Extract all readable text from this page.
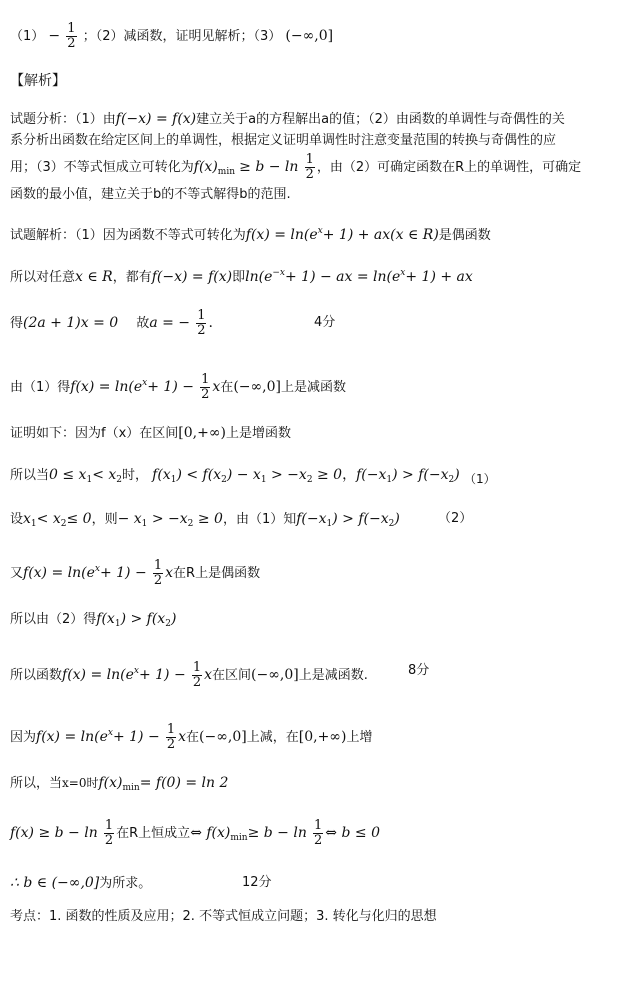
$(1) - \frac{1}{2}$ ；（2）减函数，证明见解析；（3） (−∞,0]
【解析】
试题分析：（1）由f(−x) = f(x)建立关于a的方程解出a的值；（2）由函数的单调性与奇偶性的关
系分析出函数在给定区间上的单调性，根据定义证明单调性时注意变量范围的转换与奇偶性的应
用；（3）不等式恒成立可转化为$f(x)_{min} \ge b - \ln \frac{1}{2}$ ，由（2）可确定函数在R上的单调性，可确定
函数的最小值，建立关于b的不等式解得b的范围.
试题解析：（1）因为函数不等式可转化为$f(x) = \ln(e^x+ 1) + ax(x$ ∈ R)是偶函数
所以对任意x ∈ R，都有f(−x) = f(x)即$\ln(e^{-x}+ 1)$ − ax = $\ln(e^x+ 1)$ + ax
得(2a + 1)x = 0 故a = − $\frac{1}{2}$ .	4分
由（1）得$f(x) = \ln(e^x+ 1) - \frac{1}{2}$ x在(−∞,0]上是减函数
证明如下：因为f（x）在区间[0,+∞)上是增函数
所以当$0 \le x_1< x_2$时， $f(x_1) < f(x_2) - x_1 > -x_2 \ge 0$，$f(-x_1) > f(-x_2)$ （1）
设$x_1< x_2\le 0$，则− $x_1 > -x_2 \ge 0$，由（1）知$f(-x_1) > f(-x_2)$	（2）
又$f(x) = \ln(e^x+ 1) - \frac{1}{2}$ x在R上是偶函数
所以由（2）得$f(x_1) > f(x_2)$
所以函数$f(x) = \ln(e^x+ 1) - \frac{1}{2}$ x在区间(−∞,0]上是减函数.	8分
因为$f(x) = \ln(e^x+ 1) - \frac{1}{2}$ x在(−∞,0]上减，在[0,+∞)上增
所以，当x=0时$f(x)_{min}= f(0) = \ln 2$
$f(x) \ge b - \ln \frac{1}{2}$ 在R上恒成立⇔ $f(x)_{min}\ge b - \ln \frac{1}{2}$ ⇔ b ≤ 0
∴ b ∈ (−∞,0]为所求。	12分
考点：1. 函数的性质及应用；2. 不等式恒成立问题；3. 转化与化归的思想
